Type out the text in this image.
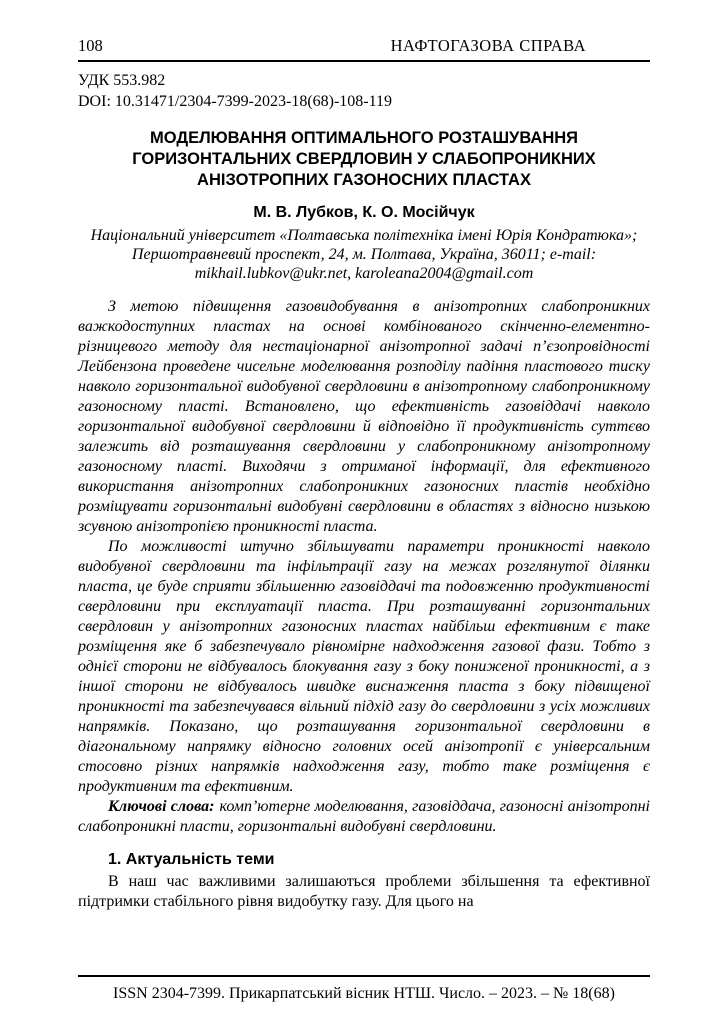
108	НАФТОГАЗОВА СПРАВА
УДК 553.982
DOI: 10.31471/2304-7399-2023-18(68)-108-119
МОДЕЛЮВАННЯ ОПТИМАЛЬНОГО РОЗТАШУВАННЯ ГОРИЗОНТАЛЬНИХ СВЕРДЛОВИН У СЛАБОПРОНИКНИХ АНІЗОТРОПНИХ ГАЗОНОСНИХ ПЛАСТАХ
М. В. Лубков, К. О. Мосійчук
Національний університет «Полтавська політехніка імені Юрія Кондратюка»; Першотравневий проспект, 24, м. Полтава, Україна, 36011; e-mail: mikhail.lubkov@ukr.net, karoleana2004@gmail.com

З метою підвищення газовидобування в анізотропних слабопроникних важкодоступних пластах на основі комбінованого скінченно-елементно-різницевого методу для нестаціонарної анізотропної задачі п’єзопровідності Лейбензона проведене чисельне моделювання розподілу падіння пластового тиску навколо горизонтальної видобувної свердловини в анізотропному слабопроникному газоносному пласті. Встановлено, що ефективність газовіддачі навколо горизонтальної видобувної свердловини й відповідно її продуктивність суттєво залежить від розташування свердловини у слабопроникному анізотропному газоносному пласті. Виходячи з отриманої інформації, для ефективного використання анізотропних слабопроникних газоносних пластів необхідно розміщувати горизонтальні видобувні свердловини в областях з відносно низькою зсувною анізотропією проникності пласта.

По можливості штучно збільшувати параметри проникності навколо видобувної свердловини та інфільтрації газу на межах розглянутої ділянки пласта, це буде сприяти збільшенню газовіддачі та подовженню продуктивності свердловини при експлуатації пласта. При розташуванні горизонтальних свердловин у анізотропних газоносних пластах найбільш ефективним є таке розміщення яке б забезпечувало рівномірне надходження газової фази. Тобто з однієї сторони не відбувалось блокування газу з боку пониженої проникності, а з іншої сторони не відбувалось швидке виснаження пласта з боку підвищеної проникності та забезпечувався вільний підхід газу до свердловини з усіх можливих напрямків. Показано, що розташування горизонтальної свердловини в діагональному напрямку відносно головних осей анізотропії є універсальним стосовно різних напрямків надходження газу, тобто таке розміщення є продуктивним та ефективним.

Ключові слова: комп’ютерне моделювання, газовіддача, газоносні анізотропні слабопроникні пласти, горизонтальні видобувні свердловини.

1. Актуальність теми

В наш час важливими залишаються проблеми збільшення та ефективної підтримки стабільного рівня видобутку газу. Для цього на

ISSN 2304-7399. Прикарпатський вісник НТШ. Число. – 2023. – № 18(68)
